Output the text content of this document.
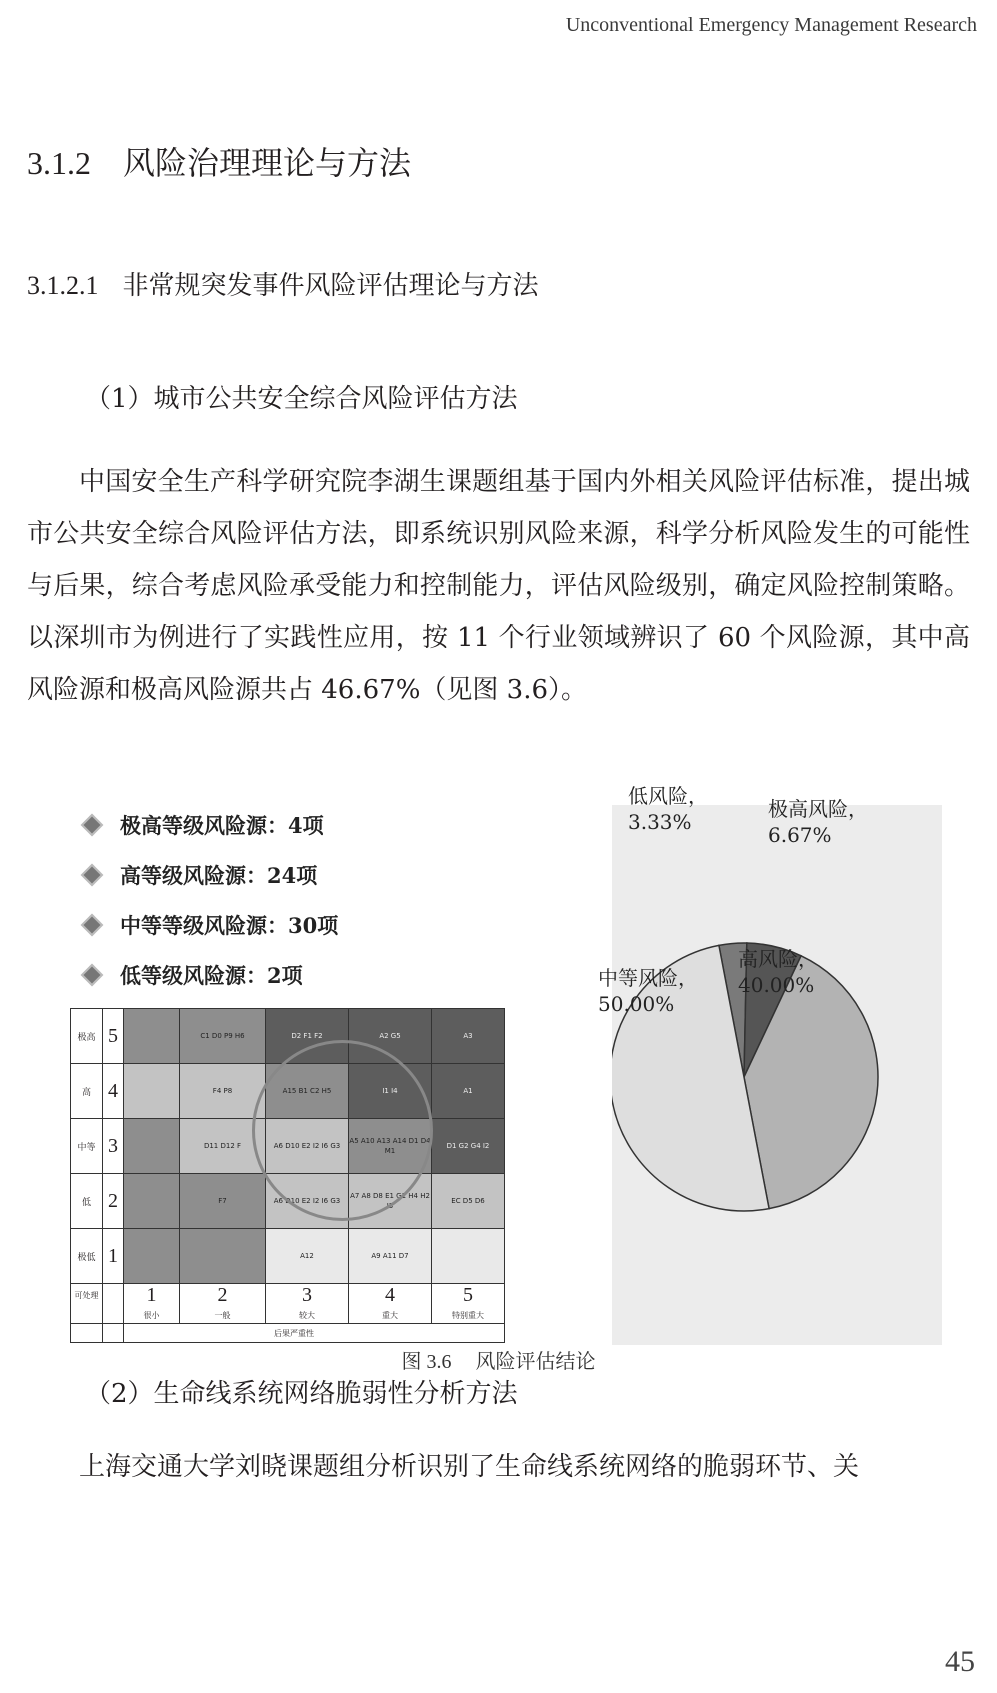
Unconventional Emergency Management Research
3.1.2 风险治理理论与方法
3.1.2.1 非常规突发事件风险评估理论与方法
（1）城市公共安全综合风险评估方法

中国安全生产科学研究院李湖生课题组基于国内外相关风险评估标准，提出城市公共安全综合风险评估方法，即系统识别风险来源，科学分析风险发生的可能性与后果，综合考虑风险承受能力和控制能力，评估风险级别，确定风险控制策略。以深圳市为例进行了实践性应用，按 11 个行业领域辨识了 60 个风险源，其中高风险源和极高风险源共占 46.67%（见图 3.6）。

极高等级风险源：4项
高等级风险源：24项
中等等级风险源：30项
低等级风险源：2项
极高	5		C1 D0 P9 H6	D2 F1 F2	A2 G5	A3
高	4		F4 P8	A15 B1 C2 H5	I1 I4	A1
中等	3		D11 D12 F	A6 D10 E2 I2 I6 G3	A5 A10 A13 A14 D1 D4 M1	D1 G2 G4 I2
低	2		F7	A6 D10 E2 I2 I6 G3	A7 A8 D8 E1 G1 H4 H2 I3	EC D5 D6
极低	1			A12	A9 A11 D7	
可处理		1	2	3	4	5
		很小	一般	较大	重大	特别重大
		后果严重性				
低风险，
3.33%
极高风险，
6.67%
高风险，
40.00%
中等风险，
50.00%
图 3.6 风险评估结论
（2）生命线系统网络脆弱性分析方法

上海交通大学刘晓课题组分析识别了生命线系统网络的脆弱环节、关

45
